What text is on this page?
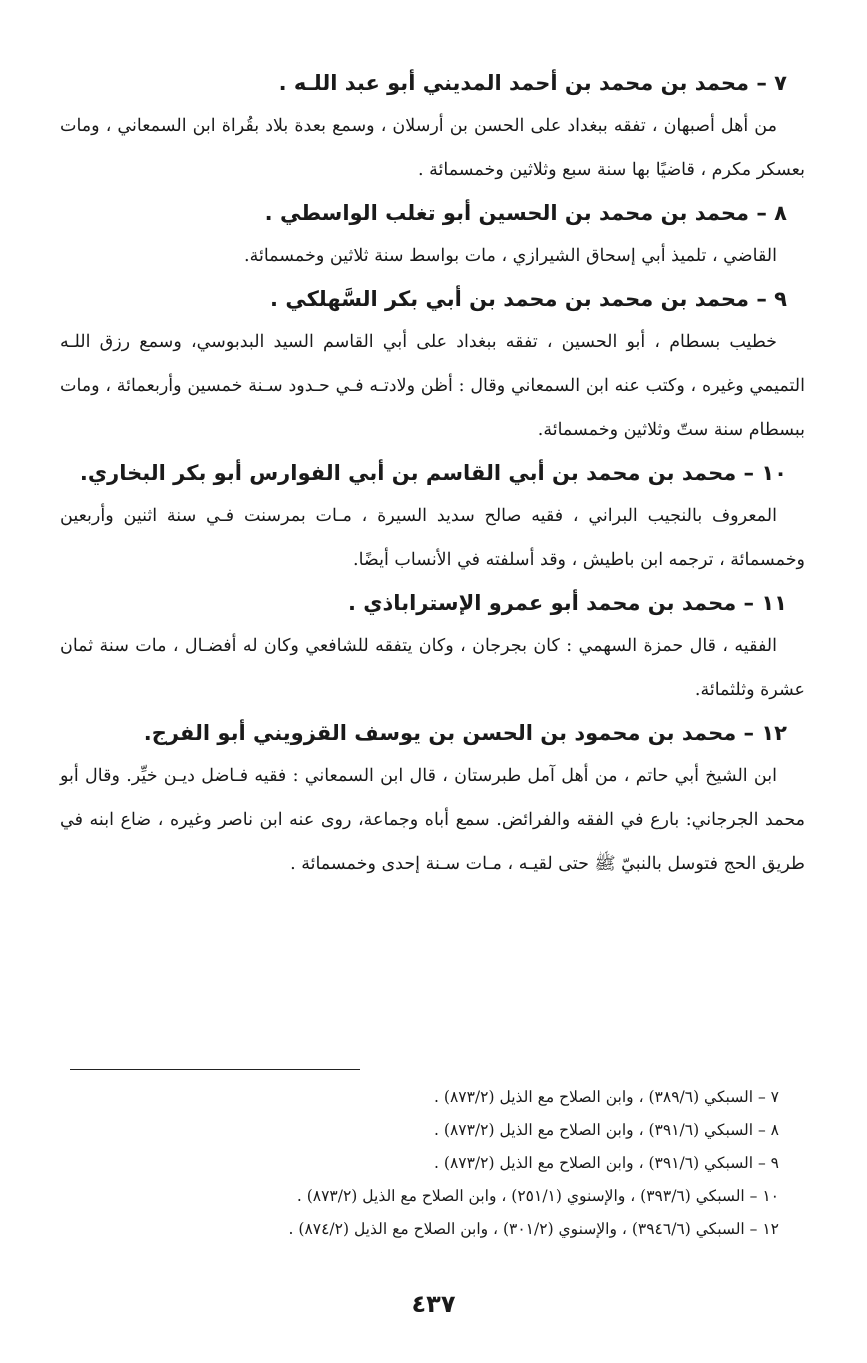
٧ – محمد بن محمد بن أحمد المديني أبو عبد اللـه .

من أهل أصبهان ، تفقه ببغداد على الحسن بن أرسلان ، وسمع بعدة بلاد بقُراة ابن السمعاني ، ومات بعسكر مكرم ، قاضيًا بها سنة سبع وثلاثين وخمسمائة .

٨ – محمد بن محمد بن الحسين أبو تغلب الواسطي .

القاضي ، تلميذ أبي إسحاق الشيرازي ، مات بواسط سنة ثلاثين وخمسمائة.

٩ – محمد بن محمد بن محمد بن أبي بكر السَّهلكي .

خطيب بسطام ، أبو الحسين ، تفقه ببغداد على أبي القاسم السيد البدبوسي، وسمع رزق اللـه التميمي وغيره ، وكتب عنه ابن السمعاني وقال : أظن ولادتـه فـي حـدود سـنة خمسين وأربعمائة ، ومات ببسطام سنة ستّ وثلاثين وخمسمائة.

١٠ – محمد بن محمد بن أبي القاسم بن أبي الفوارس أبو بكر البخاري.

المعروف بالنجيب البراني ، فقيه صالح سديد السيرة ، مـات بمرسنت فـي سنة اثنين وأربعين وخمسمائة ، ترجمه ابن باطيش ، وقد أسلفته في الأنساب أيضًا.

١١ – محمد بن محمد أبو عمرو الإستراباذي .

الفقيه ، قال حمزة السهمي : كان بجرجان ، وكان يتفقه للشافعي وكان له أفضـال ، مات سنة ثمان عشرة وثلثمائة.

١٢ – محمد بن محمود بن الحسن بن يوسف القزويني أبو الفرج.

ابن الشيخ أبي حاتم ، من أهل آمل طبرستان ، قال ابن السمعاني : فقيه فـاضل ديـن خيِّر. وقال أبو محمد الجرجاني: بارع في الفقه والفرائض. سمع أباه وجماعة، روى عنه ابن ناصر وغيره ، ضاع ابنه في طريق الحج فتوسل بالنبيّ ﷺ حتى لقيـه ، مـات سـنة إحدى وخمسمائة .

٧ – السبكي (٣٨٩/٦) ، وابن الصلاح مع الذيل (٨٧٣/٢) .

٨ – السبكي (٣٩١/٦) ، وابن الصلاح مع الذيل (٨٧٣/٢) .

٩ – السبكي (٣٩١/٦) ، وابن الصلاح مع الذيل (٨٧٣/٢) .

١٠ – السبكي (٣٩٣/٦) ، والإسنوي (٢٥١/١) ، وابن الصلاح مع الذيل (٨٧٣/٢) .

١٢ – السبكي (٣٩٤٦/٦) ، والإسنوي (٣٠١/٢) ، وابن الصلاح مع الذيل (٨٧٤/٢) .

٤٣٧
